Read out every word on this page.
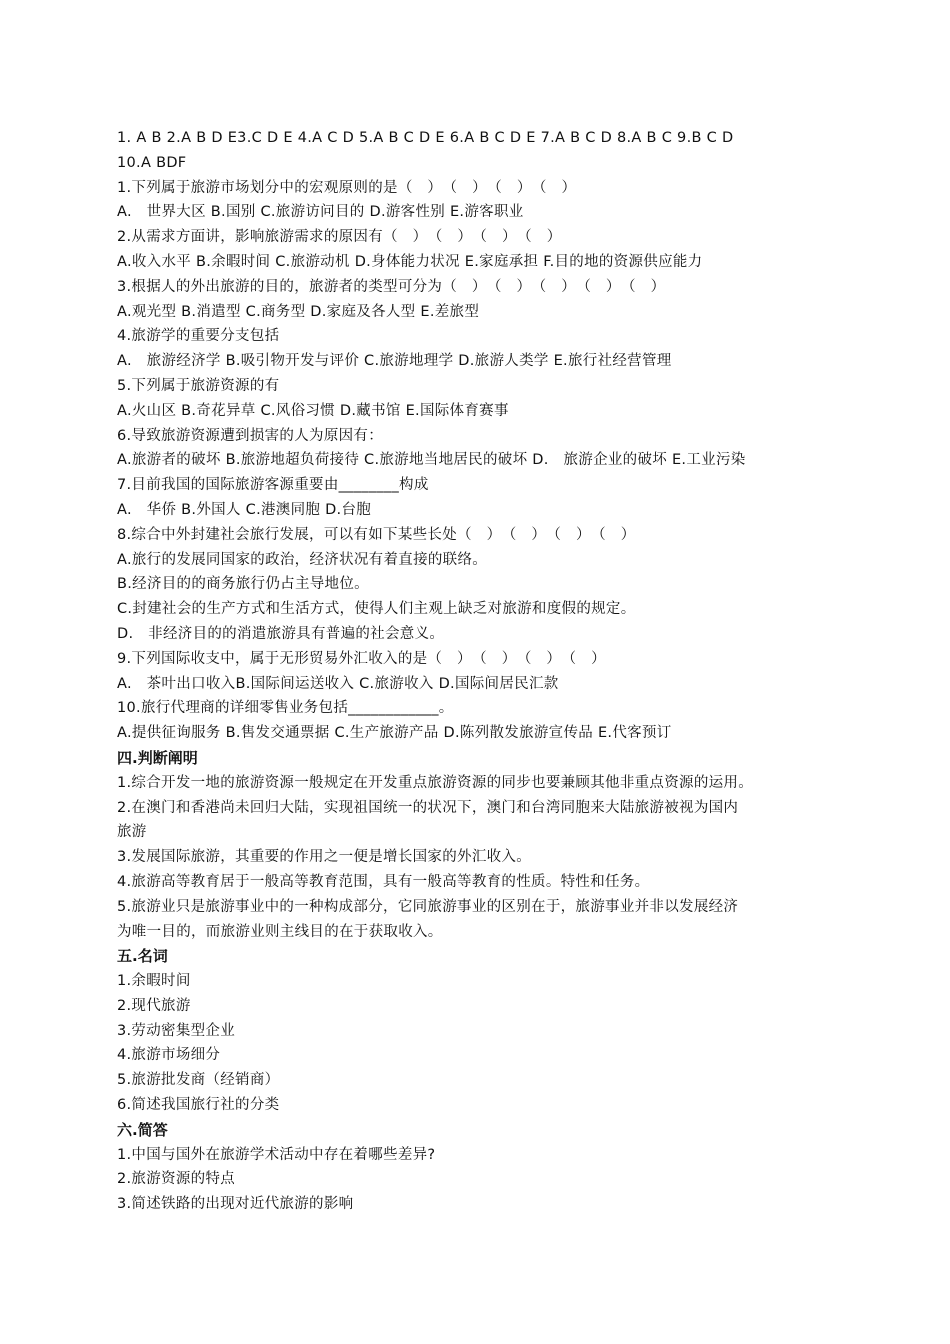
1. A B 2.A B D E3.C D E 4.A C D 5.A B C D E 6.A B C D E 7.A B C D 8.A B C 9.B C D
10.A BDF
1.下列属于旅游市场划分中的宏观原则的是（　）　（　）　（　）　（　）
A.　世界大区 B.国别 C.旅游访问目的 D.游客性别 E.游客职业
2.从需求方面讲，影响旅游需求的原因有（　）　（　）　（　）　（　）
A.收入水平 B.余暇时间 C.旅游动机 D.身体能力状况 E.家庭承担 F.目的地的资源供应能力
3.根据人的外出旅游的目的，旅游者的类型可分为（　）　（　）　（　）　（　）　（　）
A.观光型 B.消遣型 C.商务型 D.家庭及各人型 E.差旅型
4.旅游学的重要分支包括
A.　旅游经济学 B.吸引物开发与评价 C.旅游地理学 D.旅游人类学 E.旅行社经营管理
5.下列属于旅游资源的有
A.火山区 B.奇花异草 C.风俗习惯 D.藏书馆 E.国际体育赛事
6.导致旅游资源遭到损害的人为原因有：
A.旅游者的破坏 B.旅游地超负荷接待 C.旅游地当地居民的破坏 D.　旅游企业的破坏 E.工业污染
7.目前我国的国际旅游客源重要由________构成
A.　华侨 B.外国人 C.港澳同胞 D.台胞
8.综合中外封建社会旅行发展，可以有如下某些长处（　）　（　）　（　）　（　）
A.旅行的发展同国家的政治，经济状况有着直接的联络。
B.经济目的的商务旅行仍占主导地位。
C.封建社会的生产方式和生活方式，使得人们主观上缺乏对旅游和度假的规定。
D.　非经济目的的消遣旅游具有普遍的社会意义。
9.下列国际收支中，属于无形贸易外汇收入的是（　）　（　）　（　）　（　）
A.　茶叶出口收入B.国际间运送收入 C.旅游收入 D.国际间居民汇款
10.旅行代理商的详细零售业务包括____________。
A.提供征询服务 B.售发交通票据 C.生产旅游产品 D.陈列散发旅游宣传品 E.代客预订
四.判断阐明
1.综合开发一地的旅游资源一般规定在开发重点旅游资源的同步也要兼顾其他非重点资源的运用。
2.在澳门和香港尚未回归大陆，实现祖国统一的状况下，澳门和台湾同胞来大陆旅游被视为国内
旅游
3.发展国际旅游，其重要的作用之一便是增长国家的外汇收入。
4.旅游高等教育居于一般高等教育范围，具有一般高等教育的性质。特性和任务。
5.旅游业只是旅游事业中的一种构成部分，它同旅游事业的区别在于，旅游事业并非以发展经济
为唯一目的，而旅游业则主线目的在于获取收入。
五.名词
1.余暇时间
2.现代旅游
3.劳动密集型企业
4.旅游市场细分
5.旅游批发商（经销商）
6.简述我国旅行社的分类
六.简答
1.中国与国外在旅游学术活动中存在着哪些差异?
2.旅游资源的特点
3.简述铁路的出现对近代旅游的影响
